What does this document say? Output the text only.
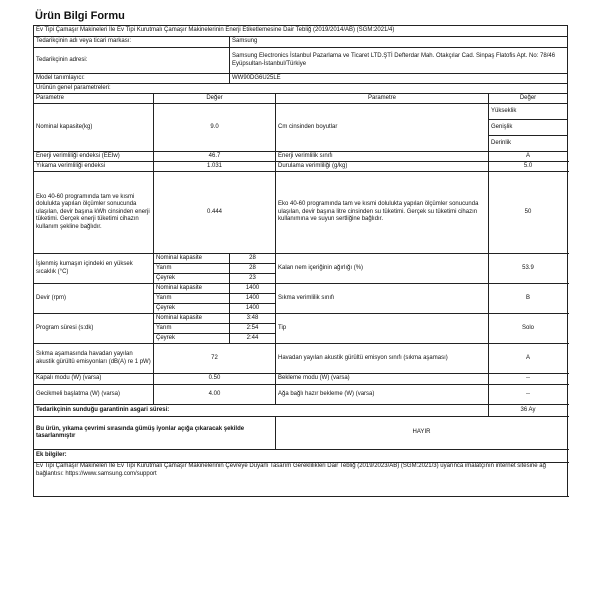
Ürün Bilgi Formu
Ev Tipi Çamaşır Makineleri İle Ev Tipi Kurutmalı Çamaşır Makinelerinin Enerji Etiketlemesine Dair Tebliğ (2019/2014/AB) (SGM:2021/4)					
Tedarikçinin adı veya ticari markası:		Samsung			
Tedarikçinin adresi:		Samsung Electronics İstanbul Pazarlama ve Ticaret LTD.ŞTİ Defterdar Mah. Otakçılar Cad. Sinpaş Flatofis Apt. No: 78/46 Eyüpsultan-İstanbul/Türkiye			
Model tanımlayıcı:		WW90DG6U25LE			
Ürünün genel parametreleri:					
Parametre	Değer		Parametre	Değer	
Nominal kapasite(kg)	9.0		Cm cinsinden boyutlar	Yükseklik	
				Genişlik	
				Derinlik	
Enerji verimliliği endeksi (EEIw)	46.7		Enerji verimlilik sınıfı	A	
Yıkama verimliliği endeksi	1.031		Durulama verimliliği (g/kg)	5.0	
Eko 40-60 programında tam ve kısmi dolulukta yapılan ölçümler sonucunda ulaşılan, devir başına kWh cinsinden enerji tüketimi. Gerçek enerji tüketimi cihazın kullanım şekline bağlıdır.	0.444		Eko 40-60 programında tam ve kısmi dolulukta yapılan ölçümler sonucunda ulaşılan, devir başına litre cinsinden su tüketimi. Gerçek su tüketimi cihazın kullanımına ve suyun sertliğine bağlıdır.	50	
İşlenmiş kumaşın içindeki en yüksek sıcaklık (°C)	Nominal kapasite	28	Kalan nem içeriğinin ağırlığı (%)	53.9	
	Yarım	28			
	Çeyrek	23			
Devir (rpm)	Nominal kapasite	1400	Sıkma verimlilik sınıfı	B	
	Yarım	1400			
	Çeyrek	1400			
Program süresi (s:dk)	Nominal kapasite	3:48	Tip	Solo	
	Yarım	2:54			
	Çeyrek	2:44			
Sıkma aşamasında havadan yayılan akustik gürültü emisyonları (dB(A) re 1 pW)	72		Havadan yayılan akustik gürültü emisyon sınıfı (sıkma aşaması)	A	
Kapalı modu (W) (varsa)	0.50		Bekleme modu (W) (varsa)	--	
Gecikmeli başlatma (W) (varsa)	4.00		Ağa bağlı hazır bekleme (W) (varsa)	--	
Tedarikçinin sunduğu garantinin asgari süresi:				36 Ay	
Bu ürün, yıkama çevrimi sırasında gümüş iyonlar açığa çıkaracak şekilde tasarlanmıştır			HAYIR		
Ek bilgiler:					
Ev Tipi Çamaşır Makineleri İle Ev Tipi Kurutmalı Çamaşır Makinelerinin Çevreye Duyarlı Tasarım Gereklilikleri Dair Tebliğ (2019/2023/AB) (SGM:2021/3) uyarınca imalatçının internet sitesine ağ bağlantısı: https://www.samsung.com/support					
